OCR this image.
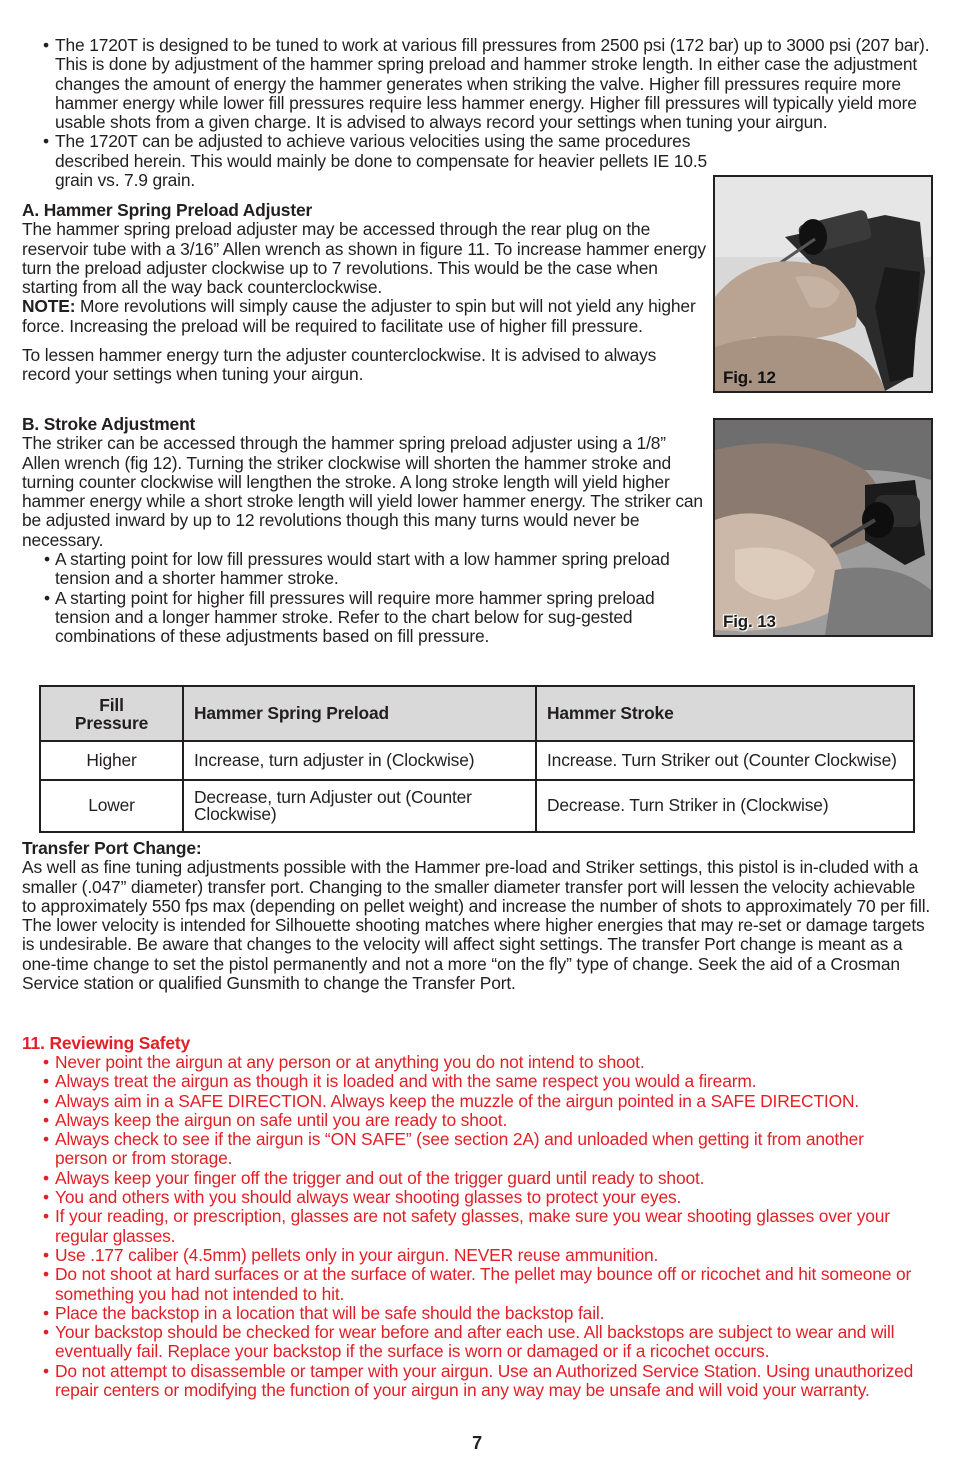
• The 1720T is designed to be tuned to work at various fill pressures from 2500 psi (172 bar) up to 3000 psi (207 bar). This is done by adjustment of the hammer spring preload and hammer stroke length. In either case the adjustment changes the amount of energy the hammer generates when striking the valve. Higher fill pressures require more hammer energy while lower fill pressures require less hammer energy. Higher fill pressures will typically yield more usable shots from a given charge. It is advised to always record your settings when tuning your airgun.
• The 1720T can be adjusted to achieve various velocities using the same procedures described herein. This would mainly be done to compensate for heavier pellets IE 10.5 grain vs. 7.9 grain.
Fig. 12
A. Hammer Spring Preload Adjuster

The hammer spring preload adjuster may be accessed through the rear plug on the reservoir tube with a 3/16” Allen wrench as shown in figure 11. To increase hammer energy turn the preload adjuster clockwise up to 7 revolutions. This would be the case when starting from all the way back counterclockwise.

NOTE: More revolutions will simply cause the adjuster to spin but will not yield any higher force. Increasing the preload will be required to facilitate use of higher fill pressure.

To lessen hammer energy turn the adjuster counterclockwise. It is advised to always record your settings when tuning your airgun.

Fig. 13
B. Stroke Adjustment

The striker can be accessed through the hammer spring preload adjuster using a 1/8” Allen wrench (fig 12). Turning the striker clockwise will shorten the hammer stroke and turning counter clockwise will lengthen the stroke. A long stroke length will yield higher hammer energy while a short stroke length will yield lower hammer energy. The striker can be adjusted inward by up to 12 revolutions though this many turns would never be necessary.

• A starting point for low fill pressures would start with a low hammer spring preload tension and a shorter hammer stroke.
• A starting point for higher fill pressures will require more hammer spring preload tension and a longer hammer stroke. Refer to the chart below for sug-gested combinations of these adjustments based on fill pressure.
Fill Pressure	Hammer Spring Preload	Hammer Stroke
Higher	Increase, turn adjuster in (Clockwise)	Increase. Turn Striker out (Counter Clockwise)
Lower	Decrease, turn Adjuster out (Counter Clockwise)	Decrease. Turn Striker in (Clockwise)
Transfer Port Change:

As well as fine tuning adjustments possible with the Hammer pre-load and Striker settings, this pistol is in-cluded with a smaller (.047” diameter) transfer port. Changing to the smaller diameter transfer port will lessen the velocity achievable to approximately 550 fps max (depending on pellet weight) and increase the number of shots to approximately 70 per fill. The lower velocity is intended for Silhouette shooting matches where higher energies that may re-set or damage targets is undesirable. Be aware that changes to the velocity will affect sight settings. The transfer Port change is meant as a one-time change to set the pistol permanently and not a more “on the fly” type of change. Seek the aid of a Crosman Service station or qualified Gunsmith to change the Transfer Port.

11. Reviewing Safety
• Never point the airgun at any person or at anything you do not intend to shoot.
• Always treat the airgun as though it is loaded and with the same respect you would a firearm.
• Always aim in a SAFE DIRECTION. Always keep the muzzle of the airgun pointed in a SAFE DIRECTION.
• Always keep the airgun on safe until you are ready to shoot.
• Always check to see if the airgun is “ON SAFE” (see section 2A) and unloaded when getting it from another person or from storage.
• Always keep your finger off the trigger and out of the trigger guard until ready to shoot.
• You and others with you should always wear shooting glasses to protect your eyes.
• If your reading, or prescription, glasses are not safety glasses, make sure you wear shooting glasses over your regular glasses.
• Use .177 caliber (4.5mm) pellets only in your airgun. NEVER reuse ammunition.
• Do not shoot at hard surfaces or at the surface of water. The pellet may bounce off or ricochet and hit someone or something you had not intended to hit.
• Place the backstop in a location that will be safe should the backstop fail.
• Your backstop should be checked for wear before and after each use. All backstops are subject to wear and will eventually fail. Replace your backstop if the surface is worn or damaged or if a ricochet occurs.
• Do not attempt to disassemble or tamper with your airgun. Use an Authorized Service Station. Using unauthorized repair centers or modifying the function of your airgun in any way may be unsafe and will void your warranty.
7
